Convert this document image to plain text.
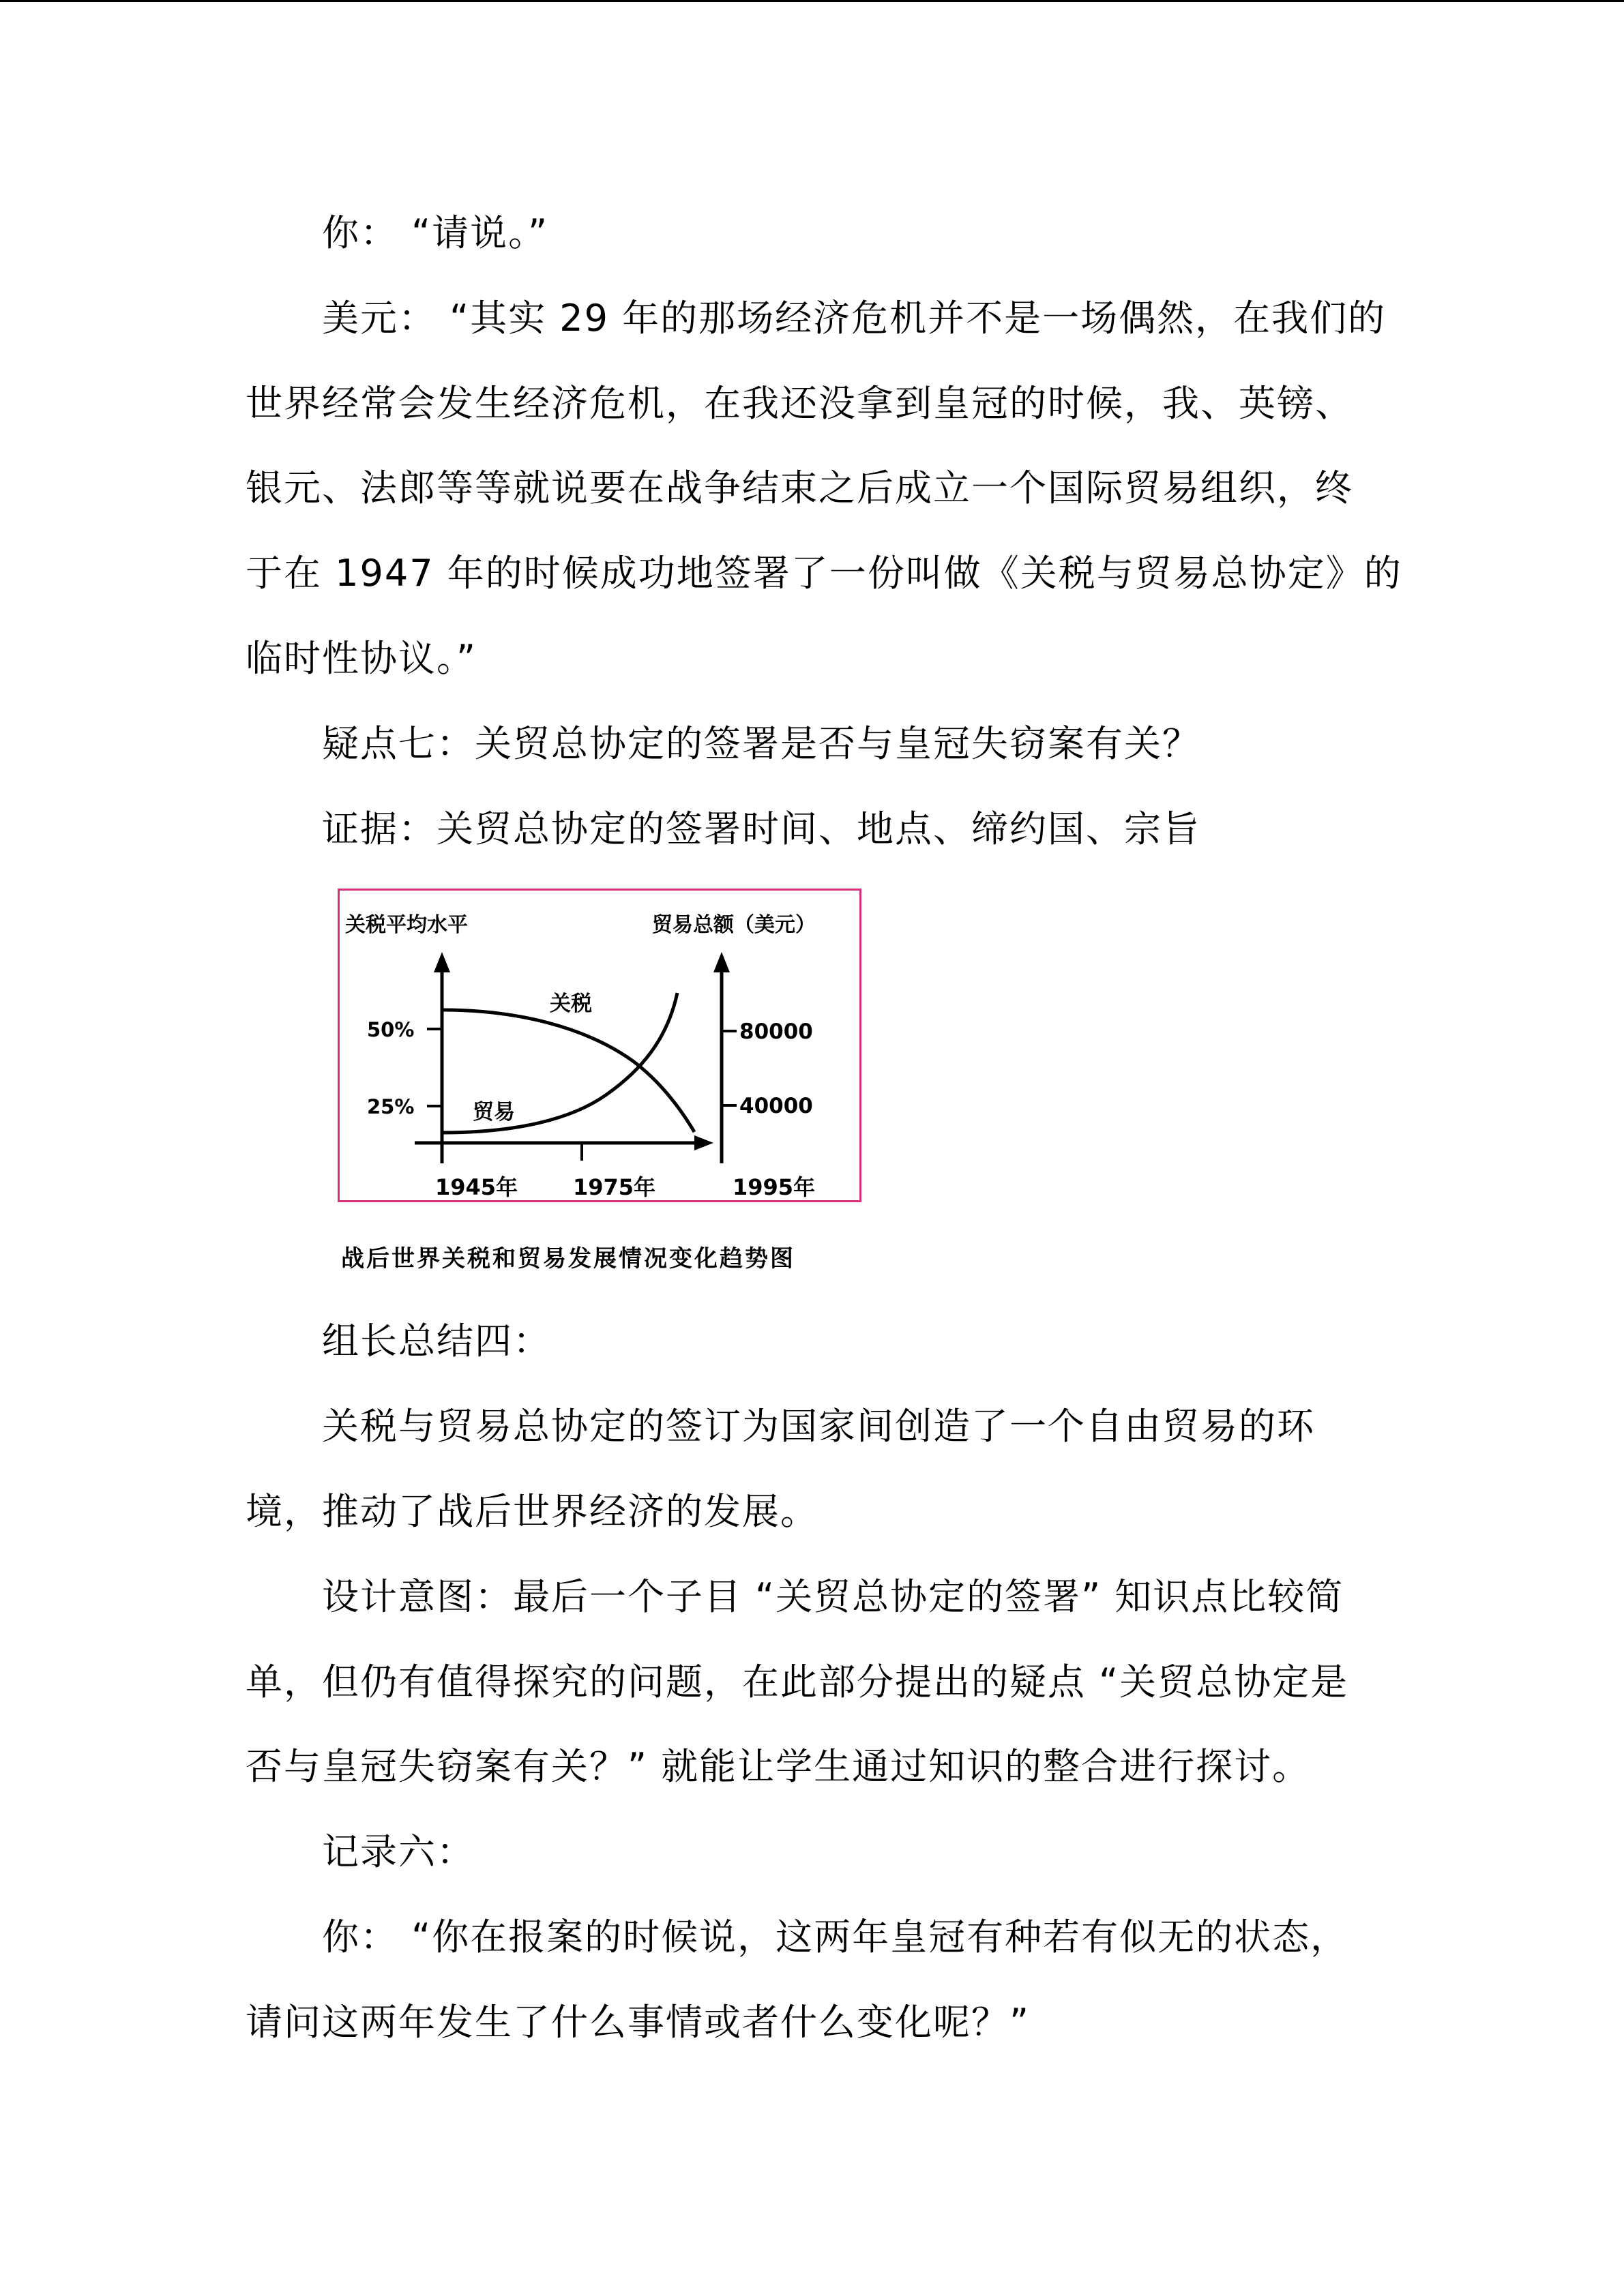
你： “请说。”
美元： “其实 29 年的那场经济危机并不是一场偶然，在我们的
世界经常会发生经济危机，在我还没拿到皇冠的时候，我、英镑、
银元、法郎等等就说要在战争结束之后成立一个国际贸易组织，终
于在 1947 年的时候成功地签署了一份叫做《关税与贸易总协定》的
临时性协议。”
疑点七：关贸总协定的签署是否与皇冠失窃案有关？
证据：关贸总协定的签署时间、地点、缔约国、宗旨
关税平均水平	贸易总额（美元）
50%
25%
80000
40000
1945年	1975年	1995年
关税
贸易
战后世界关税和贸易发展情况变化趋势图
组长总结四：
关税与贸易总协定的签订为国家间创造了一个自由贸易的环
境，推动了战后世界经济的发展。
设计意图：最后一个子目 “关贸总协定的签署” 知识点比较简
单，但仍有值得探究的问题，在此部分提出的疑点 “关贸总协定是
否与皇冠失窃案有关？” 就能让学生通过知识的整合进行探讨。
记录六：
你： “你在报案的时候说，这两年皇冠有种若有似无的状态，
请问这两年发生了什么事情或者什么变化呢？”
